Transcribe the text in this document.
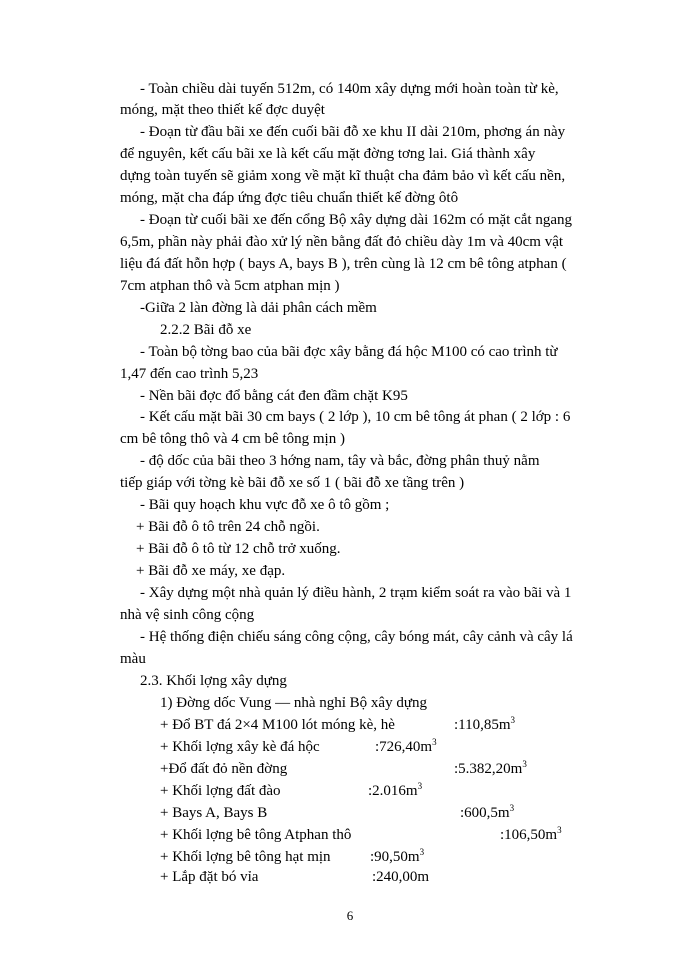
- Toàn chiều dài tuyến 512m, có 140m xây dựng mới hoàn toàn từ kè,
móng, mặt theo thiết kế đợc duyệt
- Đoạn từ đầu bãi xe đến cuối bãi đỗ xe khu II dài 210m, phơng án này
để nguyên, kết cấu bãi xe là kết cấu mặt đờng tơng lai. Giá thành xây
dựng toàn tuyến sẽ giảm xong về mặt kĩ thuật cha đảm bảo vì kết cấu nền,
móng, mặt cha đáp ứng đợc tiêu chuẩn thiết kế đờng ôtô
- Đoạn từ cuối bãi xe đến cổng Bộ xây dựng dài 162m có mặt cắt ngang
6,5m, phần này phải đào xử lý nền bằng đất đỏ chiều dày 1m và 40cm vật
liệu đá đất hỗn hợp ( bays A, bays B ), trên cùng là 12 cm bê tông atphan (
7cm atphan thô và 5cm atphan mịn )
-Giữa 2 làn đờng là dải phân cách mềm
2.2.2 Bãi đỗ xe
- Toàn bộ tờng bao của bãi đợc xây bằng đá hộc M100 có cao trình từ
1,47 đến cao trình 5,23
- Nền bãi đợc đổ bằng cát đen đầm chặt K95
- Kết cấu mặt bãi 30 cm bays ( 2 lớp ), 10 cm bê tông át phan ( 2 lớp : 6
cm bê tông thô và 4 cm bê tông mịn )
- độ dốc của bãi theo 3 hớng nam, tây và bắc, đờng phân thuỷ nằm
tiếp giáp với tờng kè bãi đỗ xe số 1 ( bãi đỗ xe tầng trên )
- Bãi quy hoạch khu vực đỗ xe ô tô gồm ;
+ Bãi đỗ ô tô trên 24 chỗ ngồi.
+ Bãi đỗ ô tô từ 12 chỗ trở xuống.
+ Bãi đỗ xe máy, xe đạp.
- Xây dựng một nhà quản lý điều hành, 2 trạm kiểm soát ra vào bãi và 1
nhà vệ sinh công cộng
- Hệ thống điện chiếu sáng công cộng, cây bóng mát, cây cảnh và cây lá
màu
2.3. Khối lợng xây dựng
1) Đờng dốc Vung — nhà nghỉ Bộ xây dựng
+ Đổ BT đá 2×4 M100 lót móng kè, hè	$:110,85m^3$
+ Khối lợng xây kè đá hộc	$:726,40m^3$
+Đổ đất đỏ nền đờng	$:5.382,20m^3$
+ Khối lợng đất đào	$:2.016m^3$
+ Bays A, Bays B	$:600,5m^3$
+ Khối lợng bê tông Atphan thô	$:106,50m^3$
+ Khối lợng bê tông hạt mịn	$:90,50m^3$
+ Lắp đặt bó vỉa	:240,00m
6
